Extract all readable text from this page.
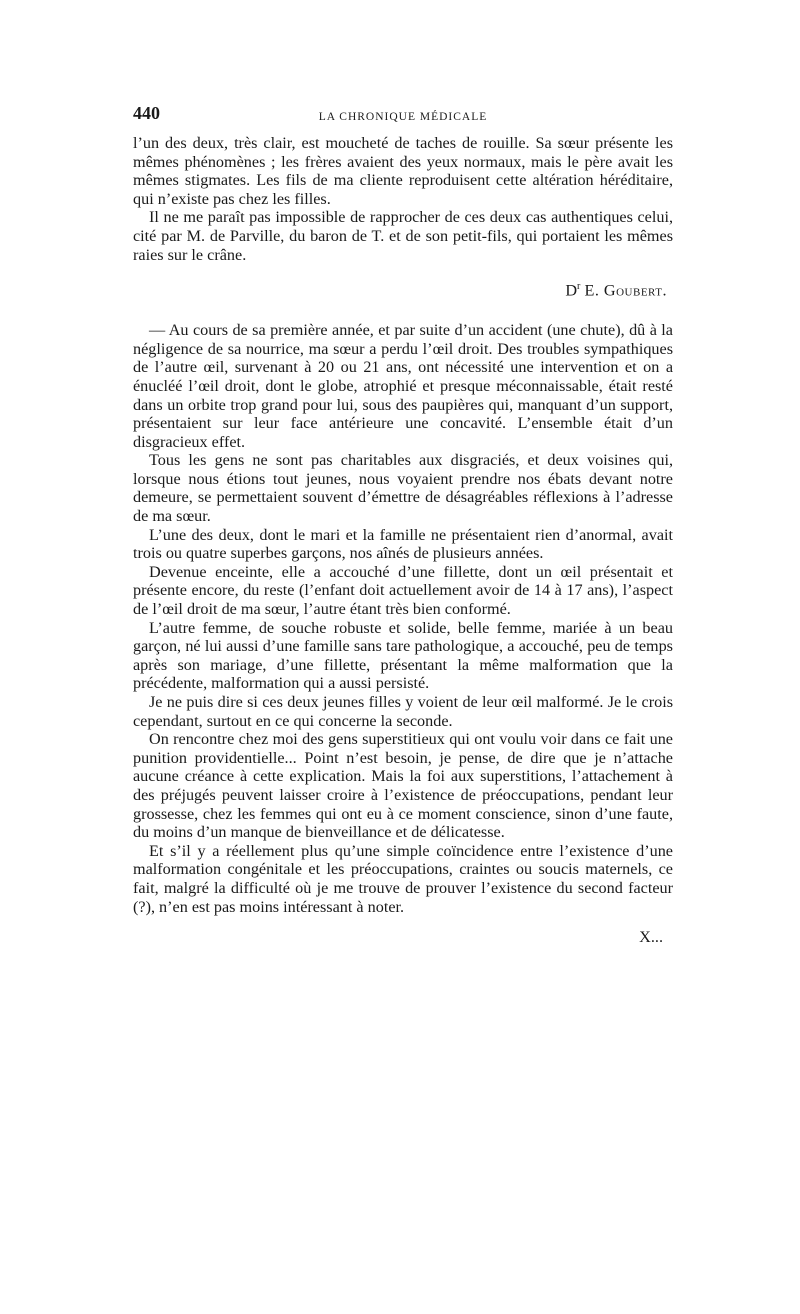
440	LA CHRONIQUE MÉDICALE

l’un des deux, très clair, est moucheté de taches de rouille. Sa sœur présente les mêmes phénomènes ; les frères avaient des yeux normaux, mais le père avait les mêmes stigmates. Les fils de ma cliente reproduisent cette altération héréditaire, qui n’existe pas chez les filles.

Il ne me paraît pas impossible de rapprocher de ces deux cas authentiques celui, cité par M. de Parville, du baron de T. et de son petit-fils, qui portaient les mêmes raies sur le crâne.

$D^r$ E. Goubert.

— Au cours de sa première année, et par suite d’un accident (une chute), dû à la négligence de sa nourrice, ma sœur a perdu l’œil droit. Des troubles sympathiques de l’autre œil, survenant à 20 ou 21 ans, ont nécessité une intervention et on a énucléé l’œil droit, dont le globe, atrophié et presque méconnaissable, était resté dans un orbite trop grand pour lui, sous des paupières qui, manquant d’un support, présentaient sur leur face antérieure une concavité. L’ensemble était d’un disgracieux effet.

Tous les gens ne sont pas charitables aux disgraciés, et deux voisines qui, lorsque nous étions tout jeunes, nous voyaient prendre nos ébats devant notre demeure, se permettaient souvent d’émettre de désagréables réflexions à l’adresse de ma sœur.

L’une des deux, dont le mari et la famille ne présentaient rien d’anormal, avait trois ou quatre superbes garçons, nos aînés de plusieurs années.

Devenue enceinte, elle a accouché d’une fillette, dont un œil présentait et présente encore, du reste (l’enfant doit actuellement avoir de 14 à 17 ans), l’aspect de l’œil droit de ma sœur, l’autre étant très bien conformé.

L’autre femme, de souche robuste et solide, belle femme, mariée à un beau garçon, né lui aussi d’une famille sans tare pathologique, a accouché, peu de temps après son mariage, d’une fillette, présentant la même malformation que la précédente, malformation qui a aussi persisté.

Je ne puis dire si ces deux jeunes filles y voient de leur œil malformé. Je le crois cependant, surtout en ce qui concerne la seconde.

On rencontre chez moi des gens superstitieux qui ont voulu voir dans ce fait une punition providentielle... Point n’est besoin, je pense, de dire que je n’attache aucune créance à cette explication. Mais la foi aux superstitions, l’attachement à des préjugés peuvent laisser croire à l’existence de préoccupations, pendant leur grossesse, chez les femmes qui ont eu à ce moment conscience, sinon d’une faute, du moins d’un manque de bienveillance et de délicatesse.

Et s’il y a réellement plus qu’une simple coïncidence entre l’existence d’une malformation congénitale et les préoccupations, craintes ou soucis maternels, ce fait, malgré la difficulté où je me trouve de prouver l’existence du second facteur (?), n’en est pas moins intéressant à noter.

X...
